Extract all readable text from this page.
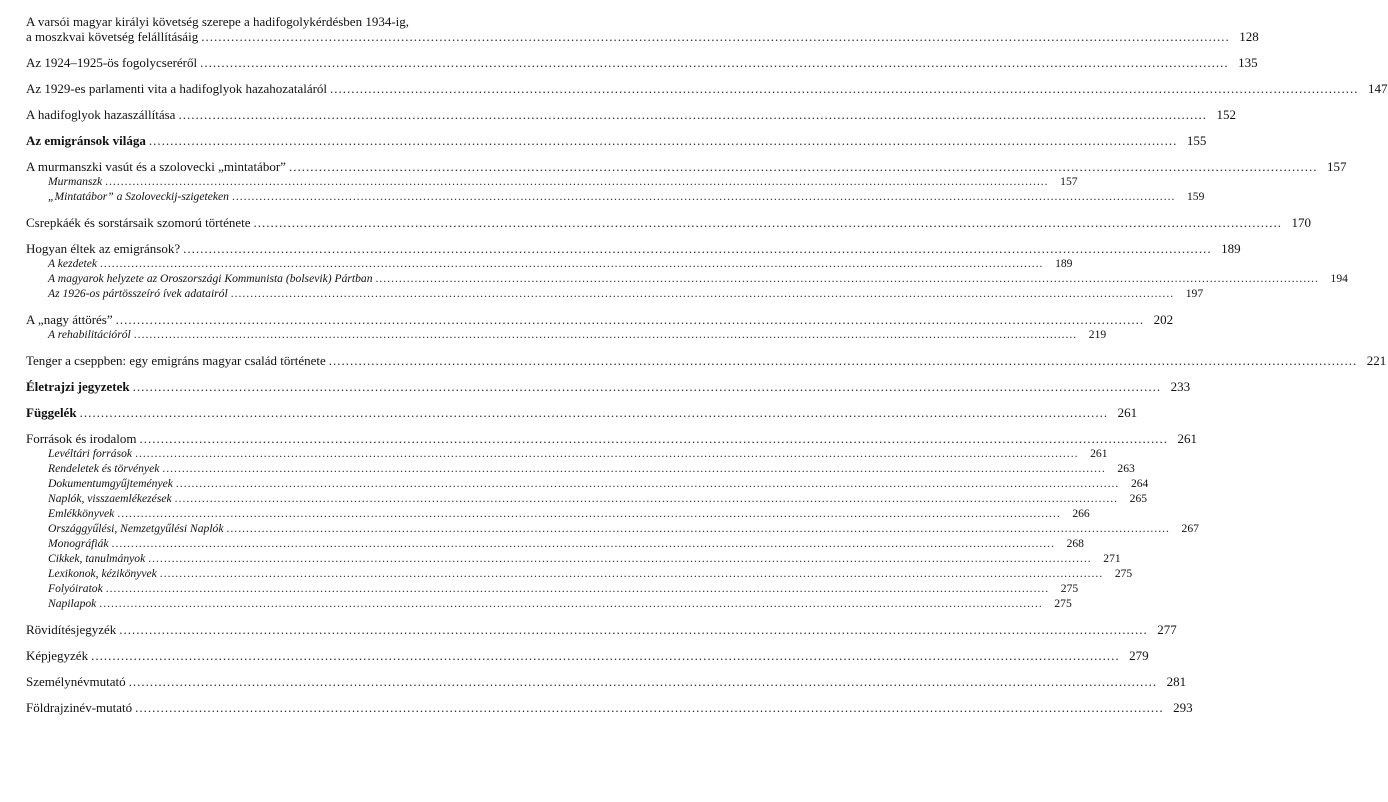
A varsói magyar királyi követség szerepe a hadifogolykérdésben 1934-ig,
a moszkvai követség felállításáig .....	128
Az 1924–1925-ös fogolycseréről .....	135
Az 1929-es parlamenti vita a hadifoglyok hazahozataláról .....	147
A hadifoglyok hazaszállítása .....	152
Az emigránsok világa .....	155
A murmanszki vasút és a szolovecki „mintatábor” .....	157
Murmanszk .....	157
„Mintatábor” a Szoloveckij-szigeteken .....	159
Csrepkáék és sorstársaik szomorú története .....	170
Hogyan éltek az emigránsok? .....	189
A kezdetek .....	189
A magyarok helyzete az Oroszországi Kommunista (bolsevik) Pártban .....	194
Az 1926-os pártösszeíró ívek adatairól .....	197
A „nagy áttörés” .....	202
A rehabilitációról .....	219
Tenger a cseppben: egy emigráns magyar család története .....	221
Életrajzi jegyzetek .....	233
Függelék .....	261
Források és irodalom .....	261
Levéltári források .....	261
Rendeletek és törvények .....	263
Dokumentumgyűjtemények .....	264
Naplók, visszaemlékezések .....	265
Emlékkönyvek .....	266
Országgyűlési, Nemzetgyűlési Naplók .....	267
Monográfiák .....	268
Cikkek, tanulmányok .....	271
Lexikonok, kézikönyvek .....	275
Folyóiratok .....	275
Napilapok .....	275
Rövidítésjegyzék .....	277
Képjegyzék .....	279
Személynévmutató .....	281
Földrajzinév-mutató .....	293
